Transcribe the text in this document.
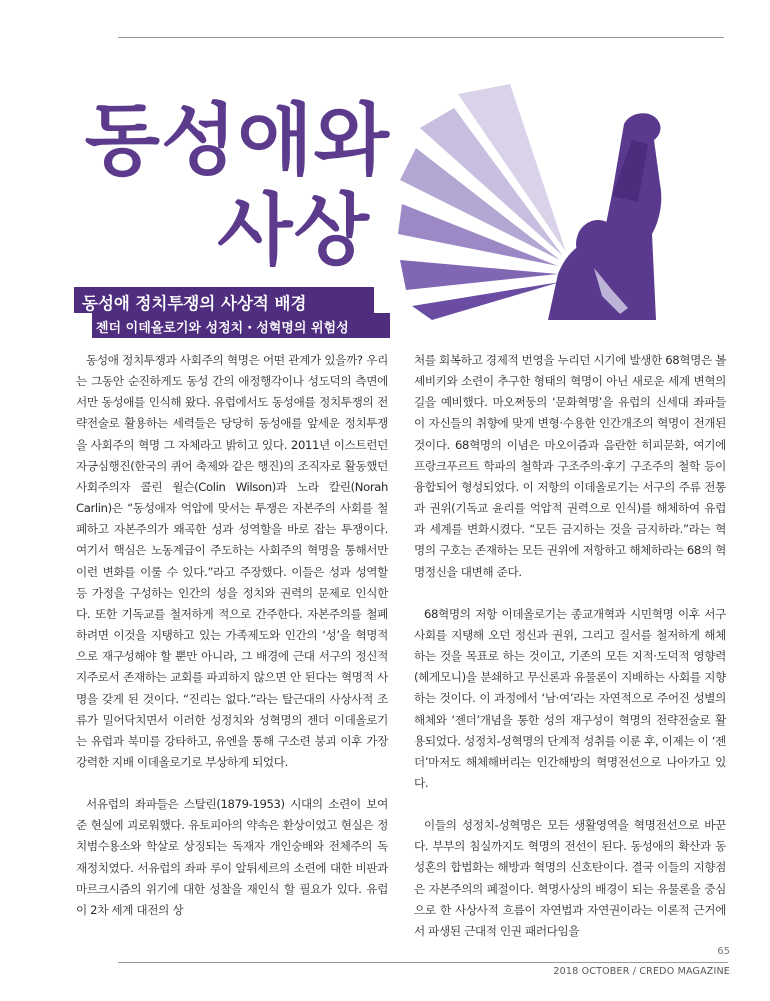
동성애와
사상
동성애 정치투쟁의 사상적 배경
젠더 이데올로기와 성정치・성혁명의 위험성

동성애 정치투쟁과 사회주의 혁명은 어떤 관계가 있을까? 우리는 그동안 순진하게도 동성 간의 애정행각이나 성도덕의 측면에서만 동성애를 인식해 왔다. 유럽에서도 동성애를 정치투쟁의 전략전술로 활용하는 세력들은 당당히 동성애를 앞세운 정치투쟁을 사회주의 혁명 그 자체라고 밝히고 있다. 2011년 이스트런던 자긍심행진(한국의 퀴어 축제와 같은 행진)의 조직자로 활동했던 사회주의자 콜린 윌슨(Colin Wilson)과 노라 칼린(Norah Carlin)은 “동성애자 억압에 맞서는 투쟁은 자본주의 사회를 철폐하고 자본주의가 왜곡한 성과 성역할을 바로 잡는 투쟁이다. 여기서 핵심은 노동계급이 주도하는 사회주의 혁명을 통해서만 이런 변화를 이룰 수 있다.”라고 주장했다. 이들은 성과 성역할 등 가정을 구성하는 인간의 성을 정치와 권력의 문제로 인식한다. 또한 기독교를 철저하게 적으로 간주한다. 자본주의를 철폐하려면 이것을 지탱하고 있는 가족제도와 인간의 ‘성’을 혁명적으로 재구성해야 할 뿐만 아니라, 그 배경에 근대 서구의 정신적 지주로서 존재하는 교회를 파괴하지 않으면 안 된다는 혁명적 사명을 갖게 된 것이다. “진리는 없다.”라는 탈근대의 사상사적 조류가 밀어닥치면서 이러한 성정치와 성혁명의 젠더 이데올로기는 유럽과 북미를 강타하고, 유엔을 통해 구소련 붕괴 이후 가장 강력한 지배 이데올로기로 부상하게 되었다.

서유럽의 좌파들은 스탈린(1879-1953) 시대의 소련이 보여준 현실에 괴로워했다. 유토피아의 약속은 환상이었고 현실은 정치범수용소와 학살로 상징되는 독재자 개인숭배와 전체주의 독재정치였다. 서유럽의 좌파 루이 알튀세르의 소련에 대한 비판과 마르크시즘의 위기에 대한 성찰을 재인식 할 필요가 있다. 유럽이 2차 세계 대전의 상

처를 회복하고 경제적 번영을 누리던 시기에 발생한 68혁명은 볼셰비키와 소련이 추구한 형태의 혁명이 아닌 새로운 세계 변혁의 길을 예비했다. 마오쩌둥의 ‘문화혁명’을 유럽의 신세대 좌파들이 자신들의 취향에 맞게 변형·수용한 인간개조의 혁명이 전개된 것이다. 68혁명의 이념은 마오이즘과 음란한 히피문화, 여기에 프랑크푸르트 학파의 철학과 구조주의·후기 구조주의 철학 등이 융합되어 형성되었다. 이 저항의 이데올로기는 서구의 주류 전통과 권위(기독교 윤리를 억압적 권력으로 인식)를 해체하여 유럽과 세계를 변화시켰다. “모든 금지하는 것을 금지하라.”라는 혁명의 구호는 존재하는 모든 권위에 저항하고 해체하라는 68의 혁명정신을 대변해 준다.

68혁명의 저항 이데올로기는 종교개혁과 시민혁명 이후 서구사회를 지탱해 오던 정신과 권위, 그리고 질서를 철저하게 해체하는 것을 목표로 하는 것이고, 기존의 모든 지적·도덕적 영향력(헤게모니)을 분쇄하고 무신론과 유물론이 지배하는 사회를 지향하는 것이다. 이 과정에서 ‘남·여’라는 자연적으로 주어진 성별의 해체와 ‘젠더’개념을 통한 성의 재구성이 혁명의 전략전술로 활용되었다. 성정치-성혁명의 단계적 성취를 이룬 후, 이제는 이 ‘젠더’마저도 해체해버리는 인간해방의 혁명전선으로 나아가고 있다.

이들의 성정치-성혁명은 모든 생활영역을 혁명전선으로 바꾼다. 부부의 침실까지도 혁명의 전선이 된다. 동성애의 확산과 동성혼의 합법화는 해방과 혁명의 신호탄이다. 결국 이들의 지향점은 자본주의의 폐절이다. 혁명사상의 배경이 되는 유물론을 중심으로 한 사상사적 흐름이 자연법과 자연권이라는 이론적 근거에서 파생된 근대적 인권 패러다임을

65
2018 OCTOBER / CREDO MAGAZINE
